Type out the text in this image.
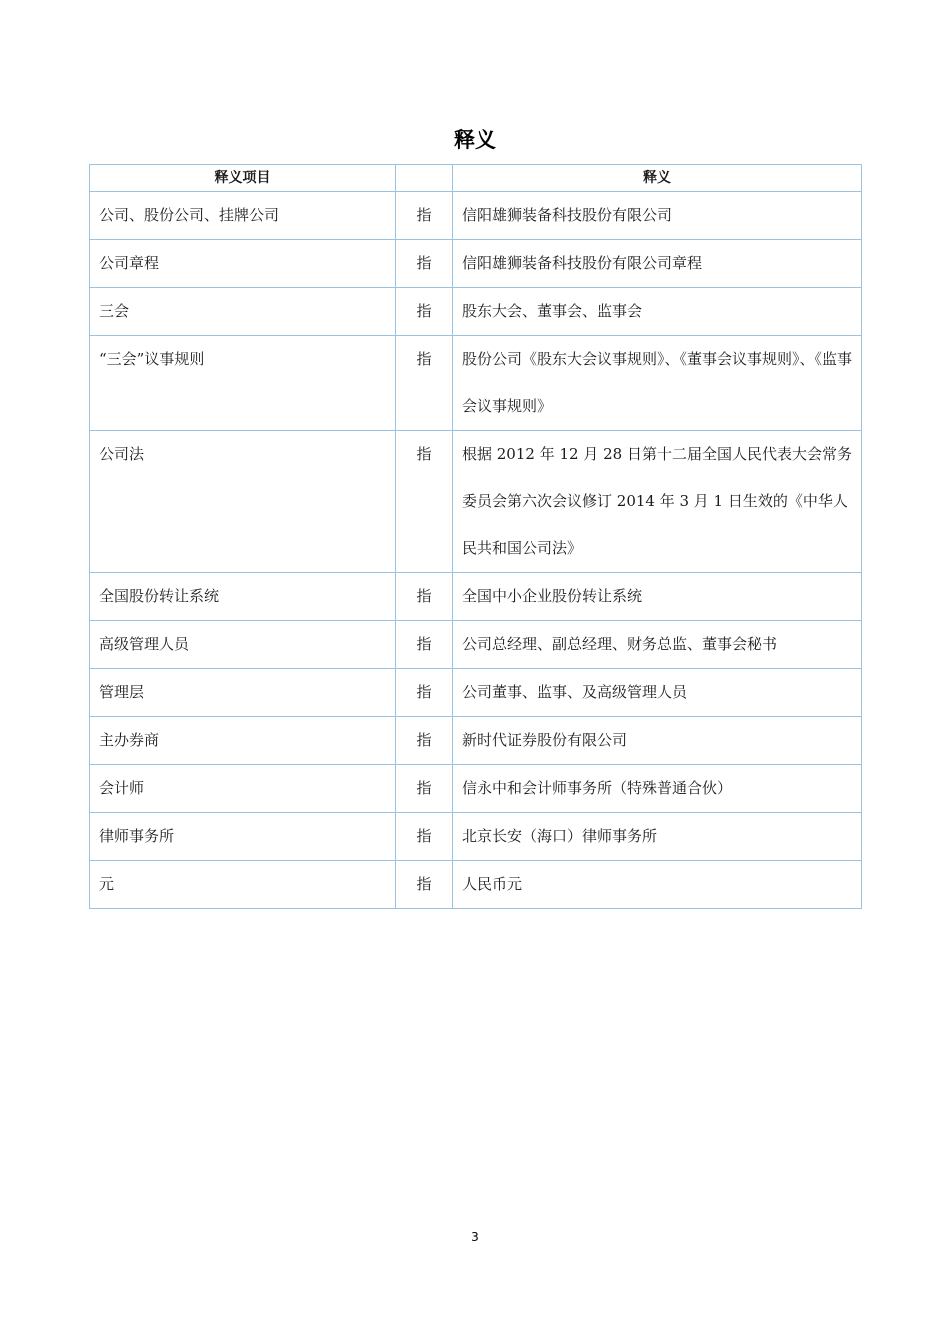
释义
释义项目		释义
公司、股份公司、挂牌公司	指	信阳雄狮装备科技股份有限公司
公司章程	指	信阳雄狮装备科技股份有限公司章程
三会	指	股东大会、董事会、监事会
“三会”议事规则	指	股份公司《股东大会议事规则》、《董事会议事规则》、《监事会议事规则》
公司法	指	根据 2012 年 12 月 28 日第十二届全国人民代表大会常务委员会第六次会议修订 2014 年 3 月 1 日生效的《中华人民共和国公司法》
全国股份转让系统	指	全国中小企业股份转让系统
高级管理人员	指	公司总经理、副总经理、财务总监、董事会秘书
管理层	指	公司董事、监事、及高级管理人员
主办券商	指	新时代证券股份有限公司
会计师	指	信永中和会计师事务所（特殊普通合伙）
律师事务所	指	北京长安（海口）律师事务所
元	指	人民币元
3
